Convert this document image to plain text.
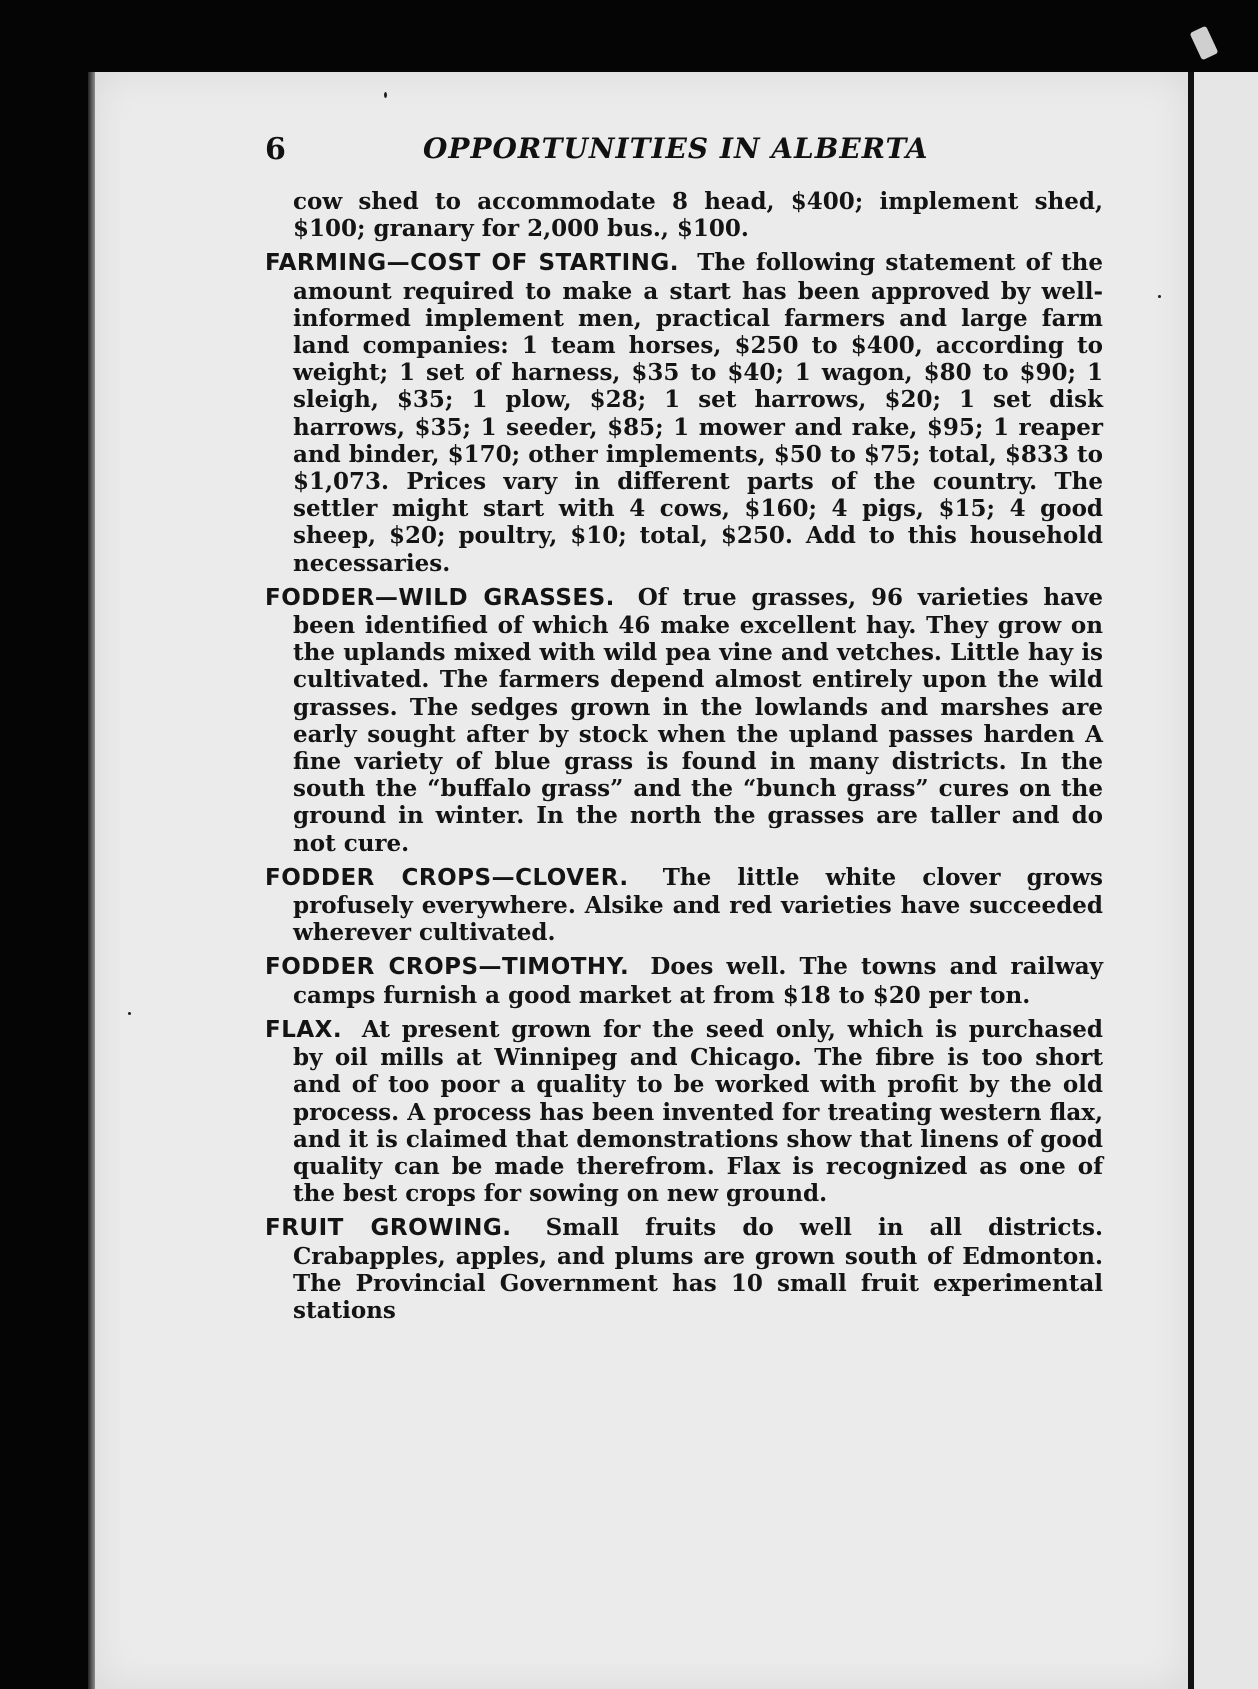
6	OPPORTUNITIES IN ALBERTA

cow shed to accommodate 8 head, $400; implement shed, $100; granary for 2,000 bus., $100.

FARMING—COST OF STARTING. The following statement of the amount required to make a start has been approved by well-informed implement men, practical farmers and large farm land companies: 1 team horses, $250 to $400, according to weight; 1 set of harness, $35 to $40; 1 wagon, $80 to $90; 1 sleigh, $35; 1 plow, $28; 1 set harrows, $20; 1 set disk harrows, $35; 1 seeder, $85; 1 mower and rake, $95; 1 reaper and binder, $170; other implements, $50 to $75; total, $833 to $1,073. Prices vary in different parts of the country. The settler might start with 4 cows, $160; 4 pigs, $15; 4 good sheep, $20; poultry, $10; total, $250. Add to this household necessaries.

FODDER—WILD GRASSES. Of true grasses, 96 varieties have been identified of which 46 make excellent hay. They grow on the uplands mixed with wild pea vine and vetches. Little hay is cultivated. The farmers depend almost entirely upon the wild grasses. The sedges grown in the lowlands and marshes are early sought after by stock when the upland passes harden A fine variety of blue grass is found in many districts. In the south the “buffalo grass” and the “bunch grass” cures on the ground in winter. In the north the grasses are taller and do not cure.

FODDER CROPS—CLOVER. The little white clover grows profusely everywhere. Alsike and red varieties have succeeded wherever cultivated.

FODDER CROPS—TIMOTHY. Does well. The towns and railway camps furnish a good market at from $18 to $20 per ton.

FLAX. At present grown for the seed only, which is purchased by oil mills at Winnipeg and Chicago. The fibre is too short and of too poor a quality to be worked with profit by the old process. A process has been invented for treating western flax, and it is claimed that demonstrations show that linens of good quality can be made therefrom. Flax is recognized as one of the best crops for sowing on new ground.

FRUIT GROWING. Small fruits do well in all districts. Crabapples, apples, and plums are grown south of Edmonton. The Provincial Government has 10 small fruit experimental stations
